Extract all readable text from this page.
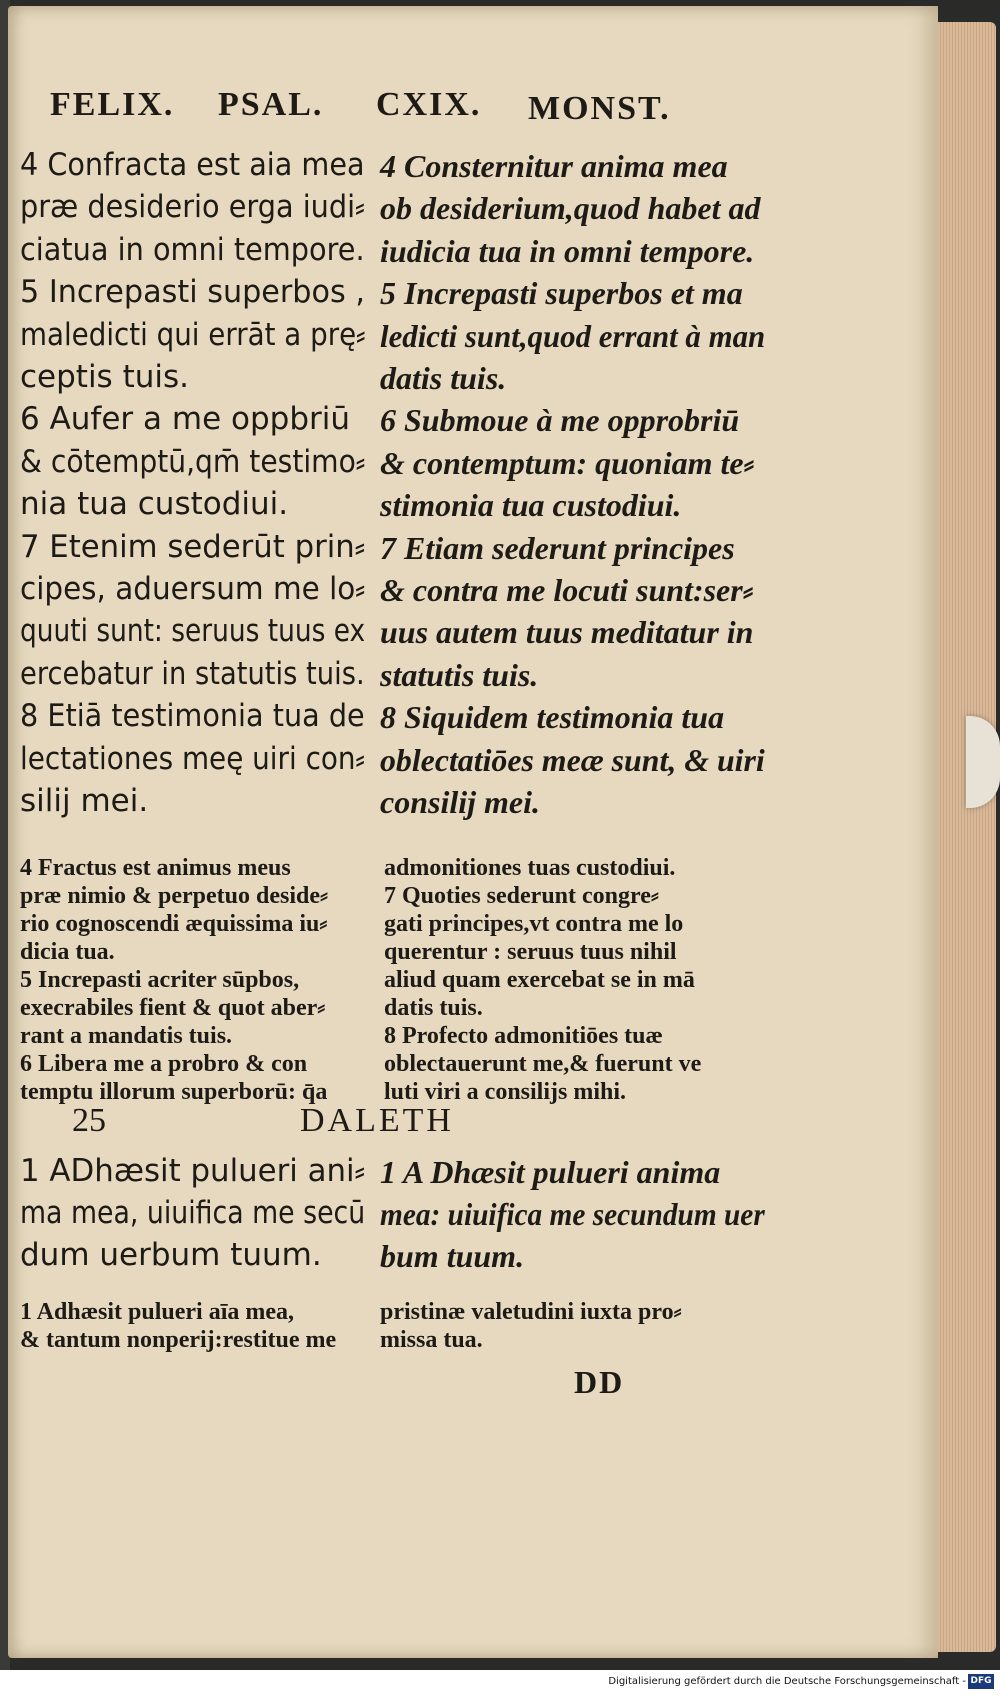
FELIX. PSAL. CXIX. MONST.
4 Confracta est aia mea
præ desiderio erga iudi⸗
ciatua in omni tempore.
5 Increpasti superbos ,
maledicti qui errāt a prę⸗
ceptis tuis.
6 Aufer a me oppbriū
& cōtemptū,qm̄ testimo⸗
nia tua custodiui.
7 Etenim sederūt prin⸗
cipes, aduersum me lo⸗
quuti sunt: seruus tuus ex
ercebatur in statutis tuis.
8 Etiā testimonia tua de
lectationes meę uiri con⸗
silij mei.
4 Consternitur anima mea
ob desiderium,quod habet ad
iudicia tua in omni tempore.
5 Increpasti superbos et ma
ledicti sunt,quod errant à man
datis tuis.
6 Submoue à me opprobriū
& contemptum: quoniam te⸗
stimonia tua custodiui.
7 Etiam sederunt principes
& contra me locuti sunt:ser⸗
uus autem tuus meditatur in
statutis tuis.
8 Siquidem testimonia tua
oblectatiōes meæ sunt, & uiri
consilij mei.
4 Fractus est animus meus
præ nimio & perpetuo deside⸗
rio cognoscendi æquissima iu⸗
dicia tua.
5 Increpasti acriter sūpbos,
execrabiles fient & quot aber⸗
rant a mandatis tuis.
6 Libera me a probro & con
temptu illorum superborū: q̄a
admonitiones tuas custodiui.
7 Quoties sederunt congre⸗
gati principes,vt contra me lo
querentur : seruus tuus nihil
aliud quam exercebat se in mā
datis tuis.
8 Profecto admonitiōes tuæ
oblectauerunt me,& fuerunt ve
luti viri a consilijs mihi.
25	DALETH
1 ADhæsit pulueri ani⸗
ma mea, uiuifica me secū
dum uerbum tuum.
1 A Dhæsit pulueri anima
mea: uiuifica me secundum uer
bum tuum.
1 Adhæsit pulueri aīa mea,
& tantum nonperij:restitue me
pristinæ valetudini iuxta pro⸗
missa tua.
DD
Digitalisierung gefördert durch die Deutsche Forschungsgemeinschaft - DFG
